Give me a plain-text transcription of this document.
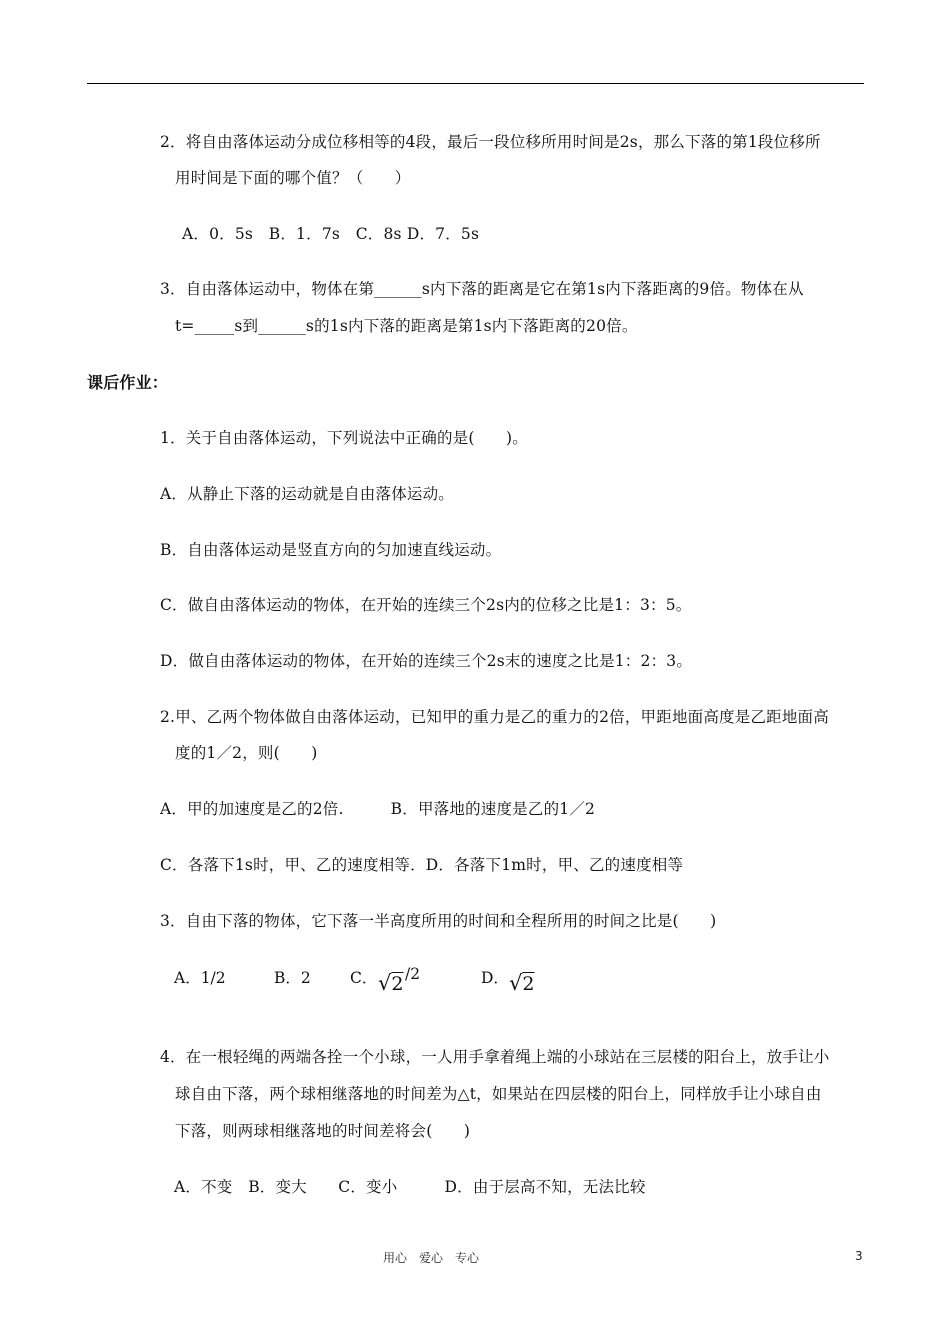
2．将自由落体运动分成位移相等的4段，最后一段位移所用时间是2s，那么下落的第1段位移所
用时间是下面的哪个值？（　　）
A．0．5s　B．1．7s　C．8s D．7．5s
3．自由落体运动中，物体在第______s内下落的距离是它在第1s内下落距离的9倍。物体在从
t=_____s到______s的1s内下落的距离是第1s内下落距离的20倍。
课后作业：
1．关于自由落体运动，下列说法中正确的是(　　)。
A．从静止下落的运动就是自由落体运动。
B．自由落体运动是竖直方向的匀加速直线运动。
C．做自由落体运动的物体，在开始的连续三个2s内的位移之比是1：3：5。
D．做自由落体运动的物体，在开始的连续三个2s末的速度之比是1：2：3。
2.甲、乙两个物体做自由落体运动，已知甲的重力是乙的重力的2倍，甲距地面高度是乙距地面高
度的1／2，则(　　)
A．甲的加速度是乙的2倍.　　　B．甲落地的速度是乙的1／2
C．各落下1s时，甲、乙的速度相等．D．各落下1m时，甲、乙的速度相等
3．自由下落的物体，它下落一半高度所用的时间和全程所用的时间之比是(　　)
A．1/2	B．2	C． √2 /2	D． √2
4．在一根轻绳的两端各拴一个小球，一人用手拿着绳上端的小球站在三层楼的阳台上，放手让小
球自由下落，两个球相继落地的时间差为△t，如果站在四层楼的阳台上，同样放手让小球自由
下落，则两球相继落地的时间差将会(　　)
A．不变　B．变大　　C．变小　　　D．由于层高不知，无法比较
用心　爱心　专心	3
